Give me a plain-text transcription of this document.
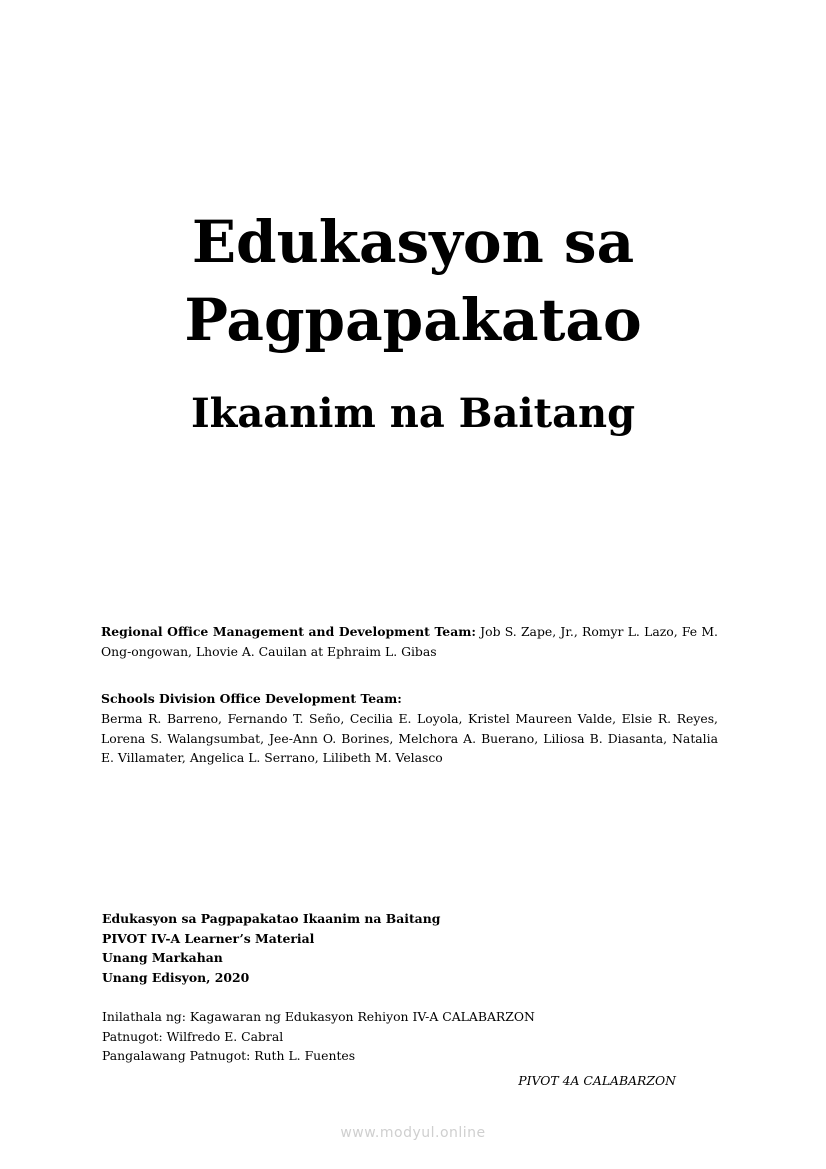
Edukasyon sa
Pagpapakatao
Ikaanim na Baitang

Regional Office Management and Development Team: Job S. Zape, Jr., Romyr L. Lazo, Fe M. Ong-ongowan, Lhovie A. Cauilan at Ephraim L. Gibas

Schools Division Office Development Team:

Berma R. Barreno, Fernando T. Seño, Cecilia E. Loyola, Kristel Maureen Valde, Elsie R. Reyes, Lorena S. Walangsumbat, Jee-Ann O. Borines, Melchora A. Buerano, Liliosa B. Diasanta, Natalia E. Villamater, Angelica L. Serrano, Lilibeth M. Velasco

Edukasyon sa Pagpapakatao Ikaanim na Baitang
PIVOT IV-A Learner’s Material
Unang Markahan
Unang Edisyon, 2020
Inilathala ng: Kagawaran ng Edukasyon Rehiyon IV-A CALABARZON
Patnugot: Wilfredo E. Cabral
Pangalawang Patnugot: Ruth L. Fuentes
PIVOT 4A CALABARZON
www.modyul.online
